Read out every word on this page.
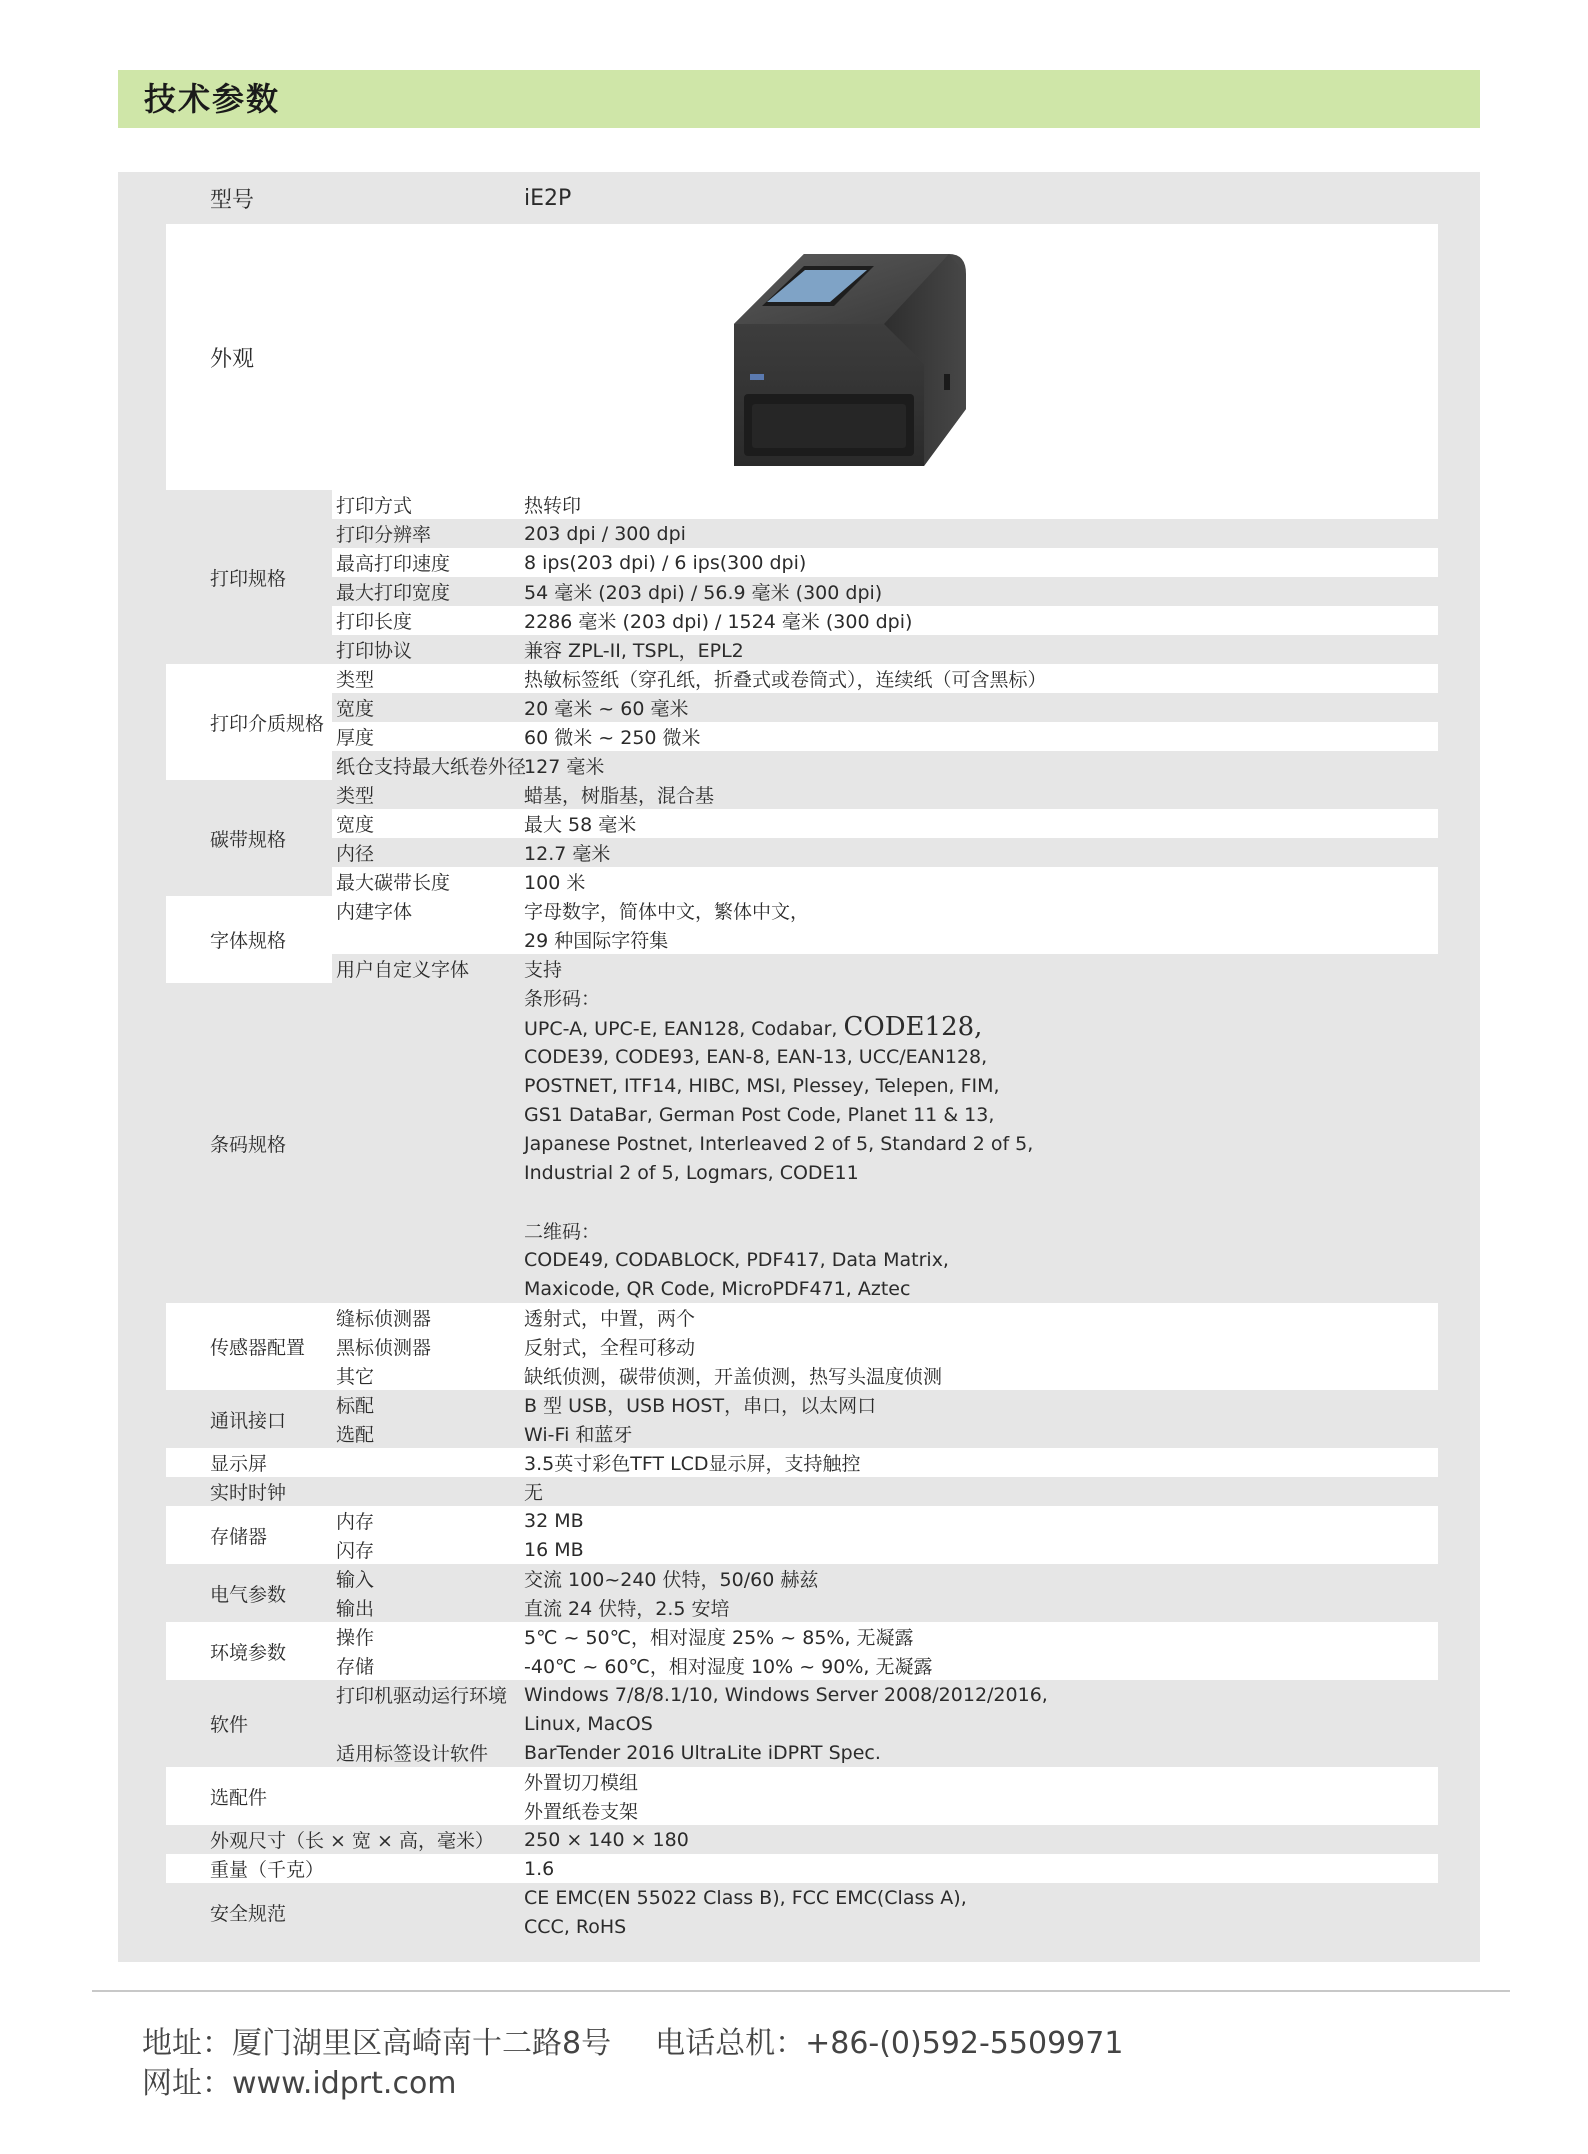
技术参数
型号		iE2P
外观	

打印规格	打印方式	热转印
	打印分辨率	203 dpi / 300 dpi
	最高打印速度	8 ips(203 dpi) / 6 ips(300 dpi)
	最大打印宽度	54 毫米 (203 dpi) / 56.9 毫米 (300 dpi)
	打印长度	2286 毫米 (203 dpi) / 1524 毫米 (300 dpi)
	打印协议	兼容 ZPL-II, TSPL，EPL2
打印介质规格	类型	热敏标签纸（穿孔纸，折叠式或卷筒式），连续纸（可含黑标）
	宽度	20 毫米 ~ 60 毫米
	厚度	60 微米 ~ 250 微米
	纸仓支持最大纸卷外径	127 毫米
碳带规格	类型	蜡基，树脂基，混合基
	宽度	最大 58 毫米
	内径	12.7 毫米
	最大碳带长度	100 米
字体规格	内建字体	字母数字，简体中文，繁体中文，
		29 种国际字符集
	用户自定义字体	支持
条码规格		条形码：
		UPC-A, UPC-E, EAN128, Codabar, CODE128,
		CODE39, CODE93, EAN-8, EAN-13, UCC/EAN128,
		POSTNET, ITF14, HIBC, MSI, Plessey, Telepen, FIM,
		GS1 DataBar, German Post Code, Planet 11 & 13,
		Japanese Postnet, Interleaved 2 of 5, Standard 2 of 5,
		Industrial 2 of 5, Logmars, CODE11

		二维码：
		CODE49, CODABLOCK, PDF417, Data Matrix,
		Maxicode, QR Code, MicroPDF471, Aztec
传感器配置	缝标侦测器	透射式，中置，两个
	黑标侦测器	反射式，全程可移动
	其它	缺纸侦测，碳带侦测，开盖侦测，热写头温度侦测
通讯接口	标配	B 型 USB，USB HOST，串口，以太网口
	选配	Wi-Fi 和蓝牙
显示屏		3.5英寸彩色TFT LCD显示屏，支持触控
实时时钟		无
存储器	内存	32 MB
	闪存	16 MB
电气参数	输入	交流 100~240 伏特，50/60 赫兹
	输出	直流 24 伏特，2.5 安培
环境参数	操作	5℃ ~ 50℃，相对湿度 25% ~ 85%, 无凝露
	存储	-40℃ ~ 60℃，相对湿度 10% ~ 90%, 无凝露
软件	打印机驱动运行环境	Windows 7/8/8.1/10, Windows Server 2008/2012/2016,
		Linux, MacOS
	适用标签设计软件	BarTender 2016 UltraLite iDPRT Spec.
选配件		外置切刀模组
		外置纸卷支架
外观尺寸（长 × 宽 × 高，毫米）		250 × 140 × 180
重量（千克）		1.6
安全规范		CE EMC(EN 55022 Class B), FCC EMC(Class A),
		CCC, RoHS
地址：厦门湖里区高崎南十二路8号 电话总机：+86-(0)592-5509971
网址：www.idprt.com
